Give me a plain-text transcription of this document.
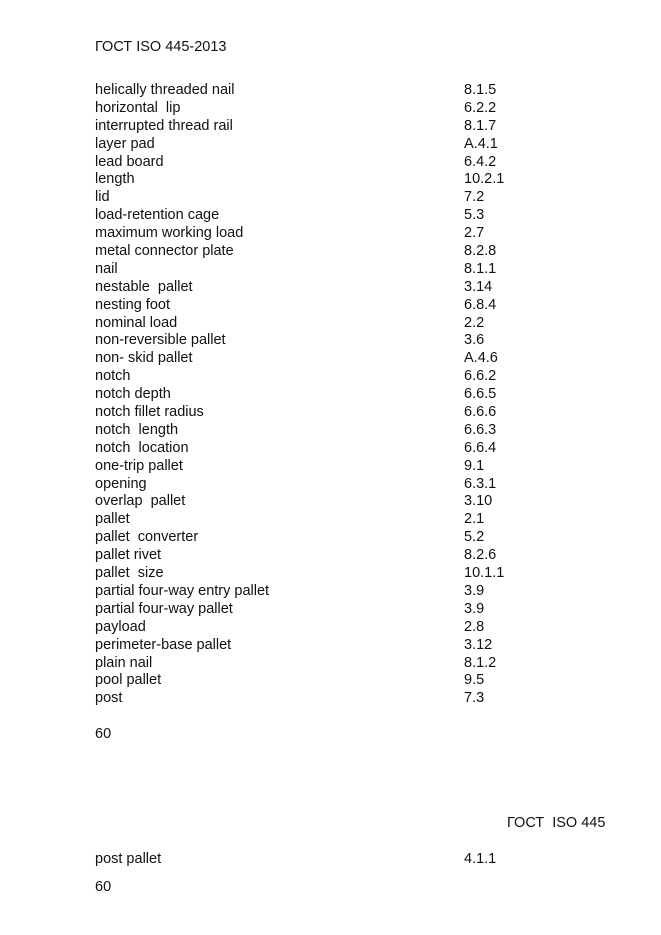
ГОСТ ISO 445-2013
helically threaded nail	8.1.5
horizontal  lip	6.2.2
interrupted thread rail	8.1.7
layer pad	A.4.1
lead board	6.4.2
length	10.2.1
lid	7.2
load-retention cage	5.3
maximum working load	2.7
metal connector plate	8.2.8
nail	8.1.1
nestable  pallet	3.14
nesting foot	6.8.4
nominal load	2.2
non-reversible pallet	3.6
non- skid pallet	A.4.6
notch	6.6.2
notch depth	6.6.5
notch fillet radius	6.6.6
notch  length	6.6.3
notch  location	6.6.4
one-trip pallet	9.1
opening	6.3.1
overlap  pallet	3.10
pallet	2.1
pallet  converter	5.2
pallet rivet	8.2.6
pallet  size	10.1.1
partial four-way entry pallet	3.9
partial four-way pallet	3.9
payload	2.8
perimeter-base pallet	3.12
plain nail	8.1.2
pool pallet	9.5
post	7.3
60
ГОСТ  ISO 445
post pallet	4.1.1
60
